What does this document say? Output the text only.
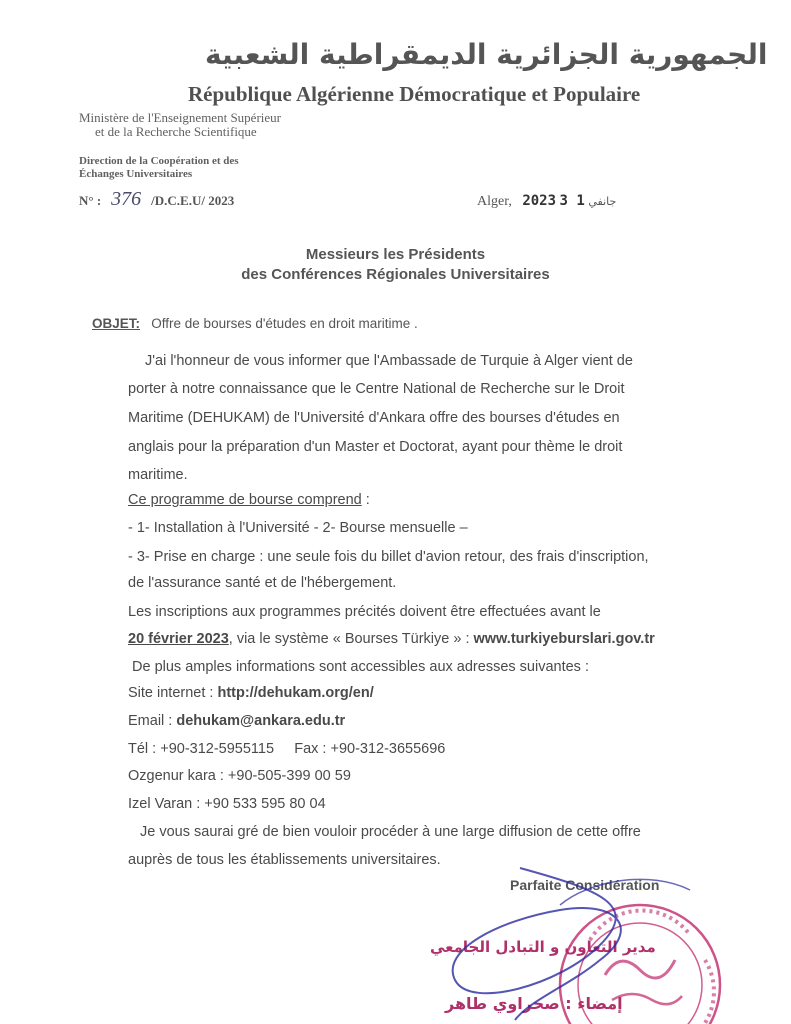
الجمهورية الجزائرية الديمقراطية الشعبية
République Algérienne Démocratique et Populaire
Ministère de l'Enseignement Supérieur
et de la Recherche Scientifique
Direction de la Coopération et des
Échanges Universitaires
N° : 376 /D.C.E.U/ 2023	Alger, 2023	جانفي 1 3
Messieurs les Présidents
des Conférences Régionales Universitaires
OBJET: Offre de bourses d'études en droit maritime .
J'ai l'honneur de vous informer que l'Ambassade de Turquie à Alger vient de
porter à notre connaissance que le Centre National de Recherche sur le Droit
Maritime (DEHUKAM) de l'Université d'Ankara offre des bourses d'études en
anglais pour la préparation d'un Master et Doctorat, ayant pour thème le droit
maritime.
Ce programme de bourse comprend :
- 1- Installation à l'Université - 2- Bourse mensuelle –
- 3- Prise en charge : une seule fois du billet d'avion retour, des frais d'inscription,
de l'assurance santé et de l'hébergement.
Les inscriptions aux programmes précités doivent être effectuées avant le
20 février 2023, via le système « Bourses Türkiye » : www.turkiyeburslari.gov.tr
De plus amples informations sont accessibles aux adresses suivantes :
Site internet : http://dehukam.org/en/
Email : dehukam@ankara.edu.tr
Tél : +90-312-5955115 Fax : +90-312-3655696
Ozgenur kara : +90-505-399 00 59
Izel Varan : +90 533 595 80 04
Je vous saurai gré de bien vouloir procéder à une large diffusion de cette offre
auprès de tous les établissements universitaires.
Parfaite Considération
مدير التعاون و التبادل الجامعي
إمضاء : صحراوي طاهر
